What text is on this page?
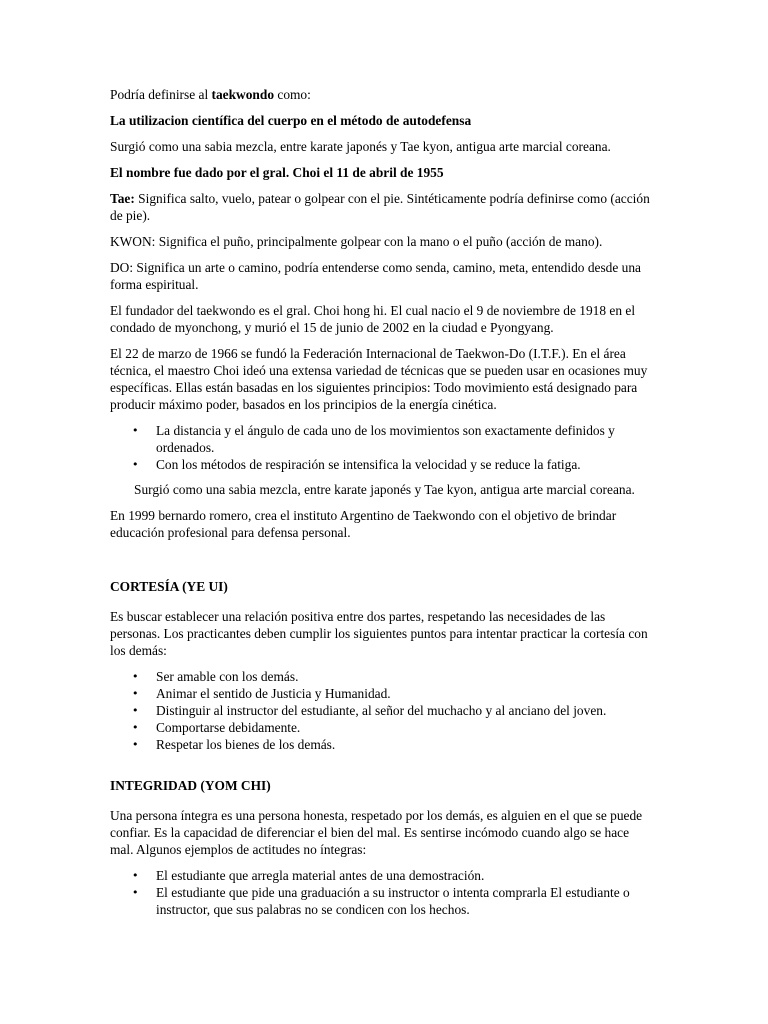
Podría definirse al taekwondo como:

La utilizacion científica del cuerpo en el método de autodefensa

Surgió como una sabia mezcla, entre karate japonés y Tae kyon, antigua arte marcial coreana.

El nombre fue dado por el gral. Choi el 11 de abril de 1955

Tae: Significa salto, vuelo, patear o golpear con el pie. Sintéticamente podría definirse como (acción de pie).

KWON: Significa el puño, principalmente golpear con la mano o el puño (acción de mano).

DO: Significa un arte o camino, podría entenderse como senda, camino, meta, entendido desde una forma espiritual.

El fundador del taekwondo es el gral. Choi hong hi. El cual nacio el 9 de noviembre de 1918 en el condado de myonchong, y murió el 15 de junio de 2002 en la ciudad e Pyongyang.

El 22 de marzo de 1966 se fundó la Federación Internacional de Taekwon-Do (I.T.F.). En el área técnica, el maestro Choi ideó una extensa variedad de técnicas que se pueden usar en ocasiones muy específicas. Ellas están basadas en los siguientes principios: Todo movimiento está designado para producir máximo poder, basados en los principios de la energía cinética.

• La distancia y el ángulo de cada uno de los movimientos son exactamente definidos y ordenados.
• Con los métodos de respiración se intensifica la velocidad y se reduce la fatiga.

Surgió como una sabia mezcla, entre karate japonés y Tae kyon, antigua arte marcial coreana.

En 1999 bernardo romero, crea el instituto Argentino de Taekwondo con el objetivo de brindar educación profesional para defensa personal.

CORTESÍA (YE UI)

Es buscar establecer una relación positiva entre dos partes, respetando las necesidades de las personas. Los practicantes deben cumplir los siguientes puntos para intentar practicar la cortesía con los demás:

• Ser amable con los demás.
• Animar el sentido de Justicia y Humanidad.
• Distinguir al instructor del estudiante, al señor del muchacho y al anciano del joven.
• Comportarse debidamente.
• Respetar los bienes de los demás.

INTEGRIDAD (YOM CHI)

Una persona íntegra es una persona honesta, respetado por los demás, es alguien en el que se puede confiar. Es la capacidad de diferenciar el bien del mal. Es sentirse incómodo cuando algo se hace mal. Algunos ejemplos de actitudes no íntegras:

• El estudiante que arregla material antes de una demostración.
• El estudiante que pide una graduación a su instructor o intenta comprarla El estudiante o instructor, que sus palabras no se condicen con los hechos.
